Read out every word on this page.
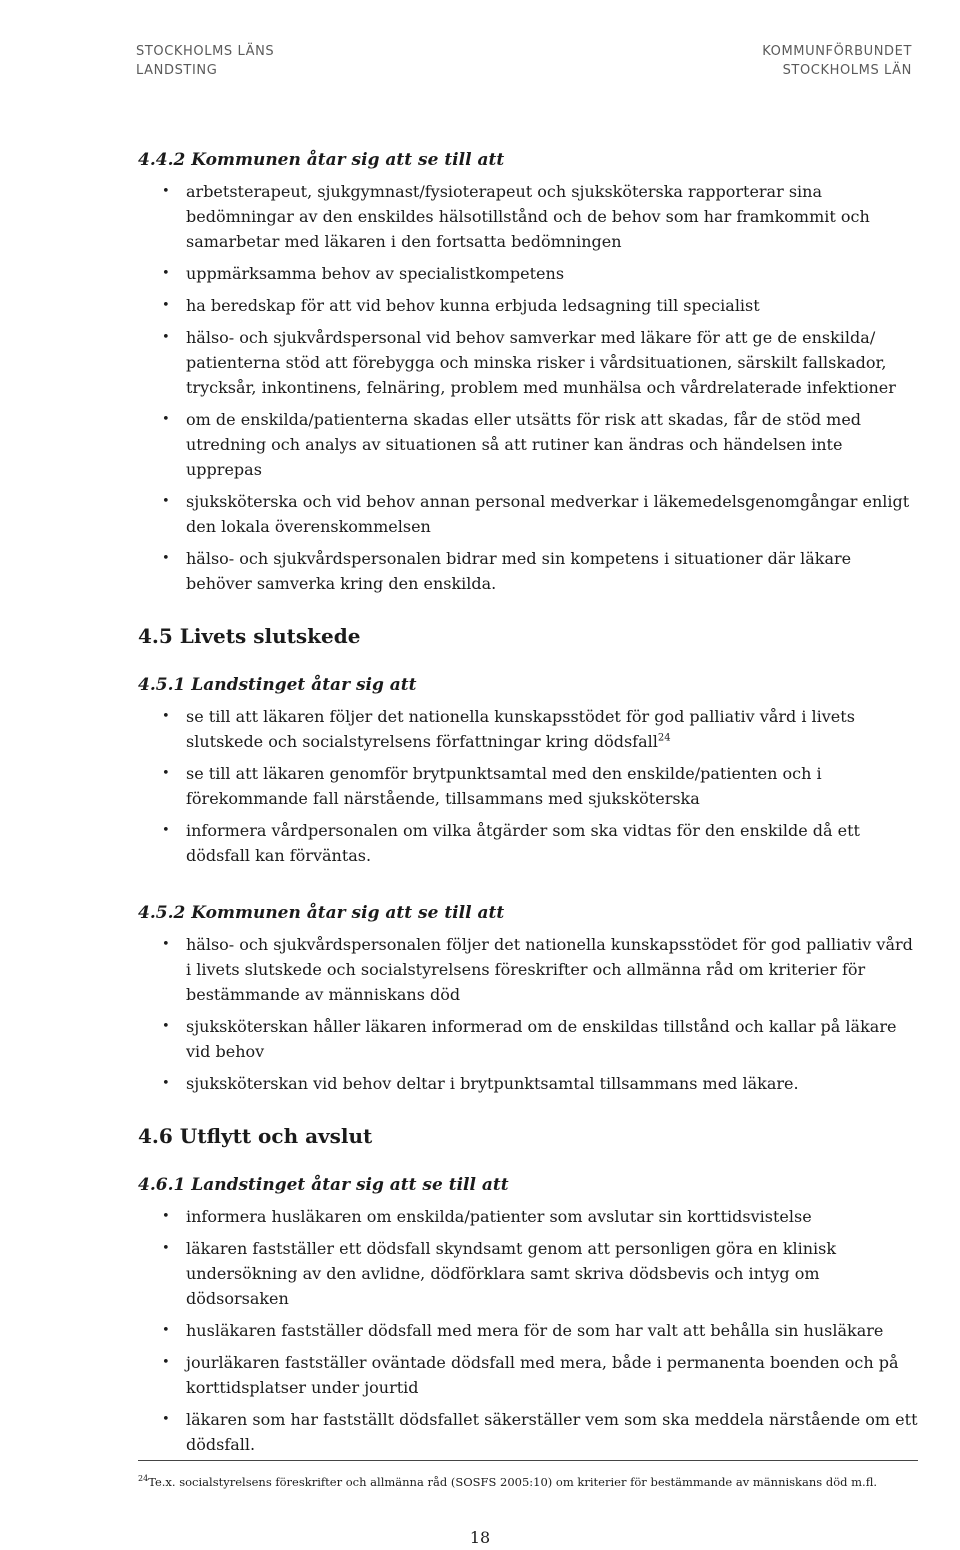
STOCKHOLMS LÄNS
LANDSTING
KOMMUNFÖRBUNDET
STOCKHOLMS LÄN
4.4.2 Kommunen åtar sig att se till att
• arbetsterapeut, sjukgymnast/fysioterapeut och sjuksköterska rapporterar sina bedömningar av den enskildes hälsotillstånd och de behov som har framkommit och samarbetar med läkaren i den fortsatta bedömningen
• uppmärksamma behov av specialistkompetens
• ha beredskap för att vid behov kunna erbjuda ledsagning till specialist
• hälso- och sjukvårdspersonal vid behov samverkar med läkare för att ge de enskilda/ patienterna stöd att förebygga och minska risker i vårdsituationen, särskilt fallskador, trycksår, inkontinens, felnäring, problem med munhälsa och vårdrelaterade infektioner
• om de enskilda/patienterna skadas eller utsätts för risk att skadas, får de stöd med utredning och analys av situationen så att rutiner kan ändras och händelsen inte upprepas
• sjuksköterska och vid behov annan personal medverkar i läkemedelsgenomgångar enligt den lokala överenskommelsen
• hälso- och sjukvårdspersonalen bidrar med sin kompetens i situationer där läkare behöver samverka kring den enskilda.
4.5 Livets slutskede
4.5.1 Landstinget åtar sig att
• se till att läkaren följer det nationella kunskapsstödet för god palliativ vård i livets slutskede och socialstyrelsens författningar kring dödsfall$^{24}$
• se till att läkaren genomför brytpunktsamtal med den enskilde/patienten och i förekommande fall närstående, tillsammans med sjuksköterska
• informera vårdpersonalen om vilka åtgärder som ska vidtas för den enskilde då ett dödsfall kan förväntas.
4.5.2 Kommunen åtar sig att se till att
• hälso- och sjukvårdspersonalen följer det nationella kunskapsstödet för god palliativ vård i livets slutskede och socialstyrelsens föreskrifter och allmänna råd om kriterier för bestämmande av människans död
• sjuksköterskan håller läkaren informerad om de enskildas tillstånd och kallar på läkare vid behov
• sjuksköterskan vid behov deltar i brytpunktsamtal tillsammans med läkare.
4.6 Utflytt och avslut
4.6.1 Landstinget åtar sig att se till att
• informera husläkaren om enskilda/patienter som avslutar sin korttidsvistelse
• läkaren fastställer ett dödsfall skyndsamt genom att personligen göra en klinisk undersökning av den avlidne, dödförklara samt skriva dödsbevis och intyg om dödsorsaken
• husläkaren fastställer dödsfall med mera för de som har valt att behålla sin husläkare
• jourläkaren fastställer oväntade dödsfall med mera, både i permanenta boenden och på korttidsplatser under jourtid
• läkaren som har fastställt dödsfallet säkerställer vem som ska meddela närstående om ett dödsfall.
$^{24}$Te.x. socialstyrelsens föreskrifter och allmänna råd (SOSFS 2005:10) om kriterier för bestämmande av människans död m.fl.
18
